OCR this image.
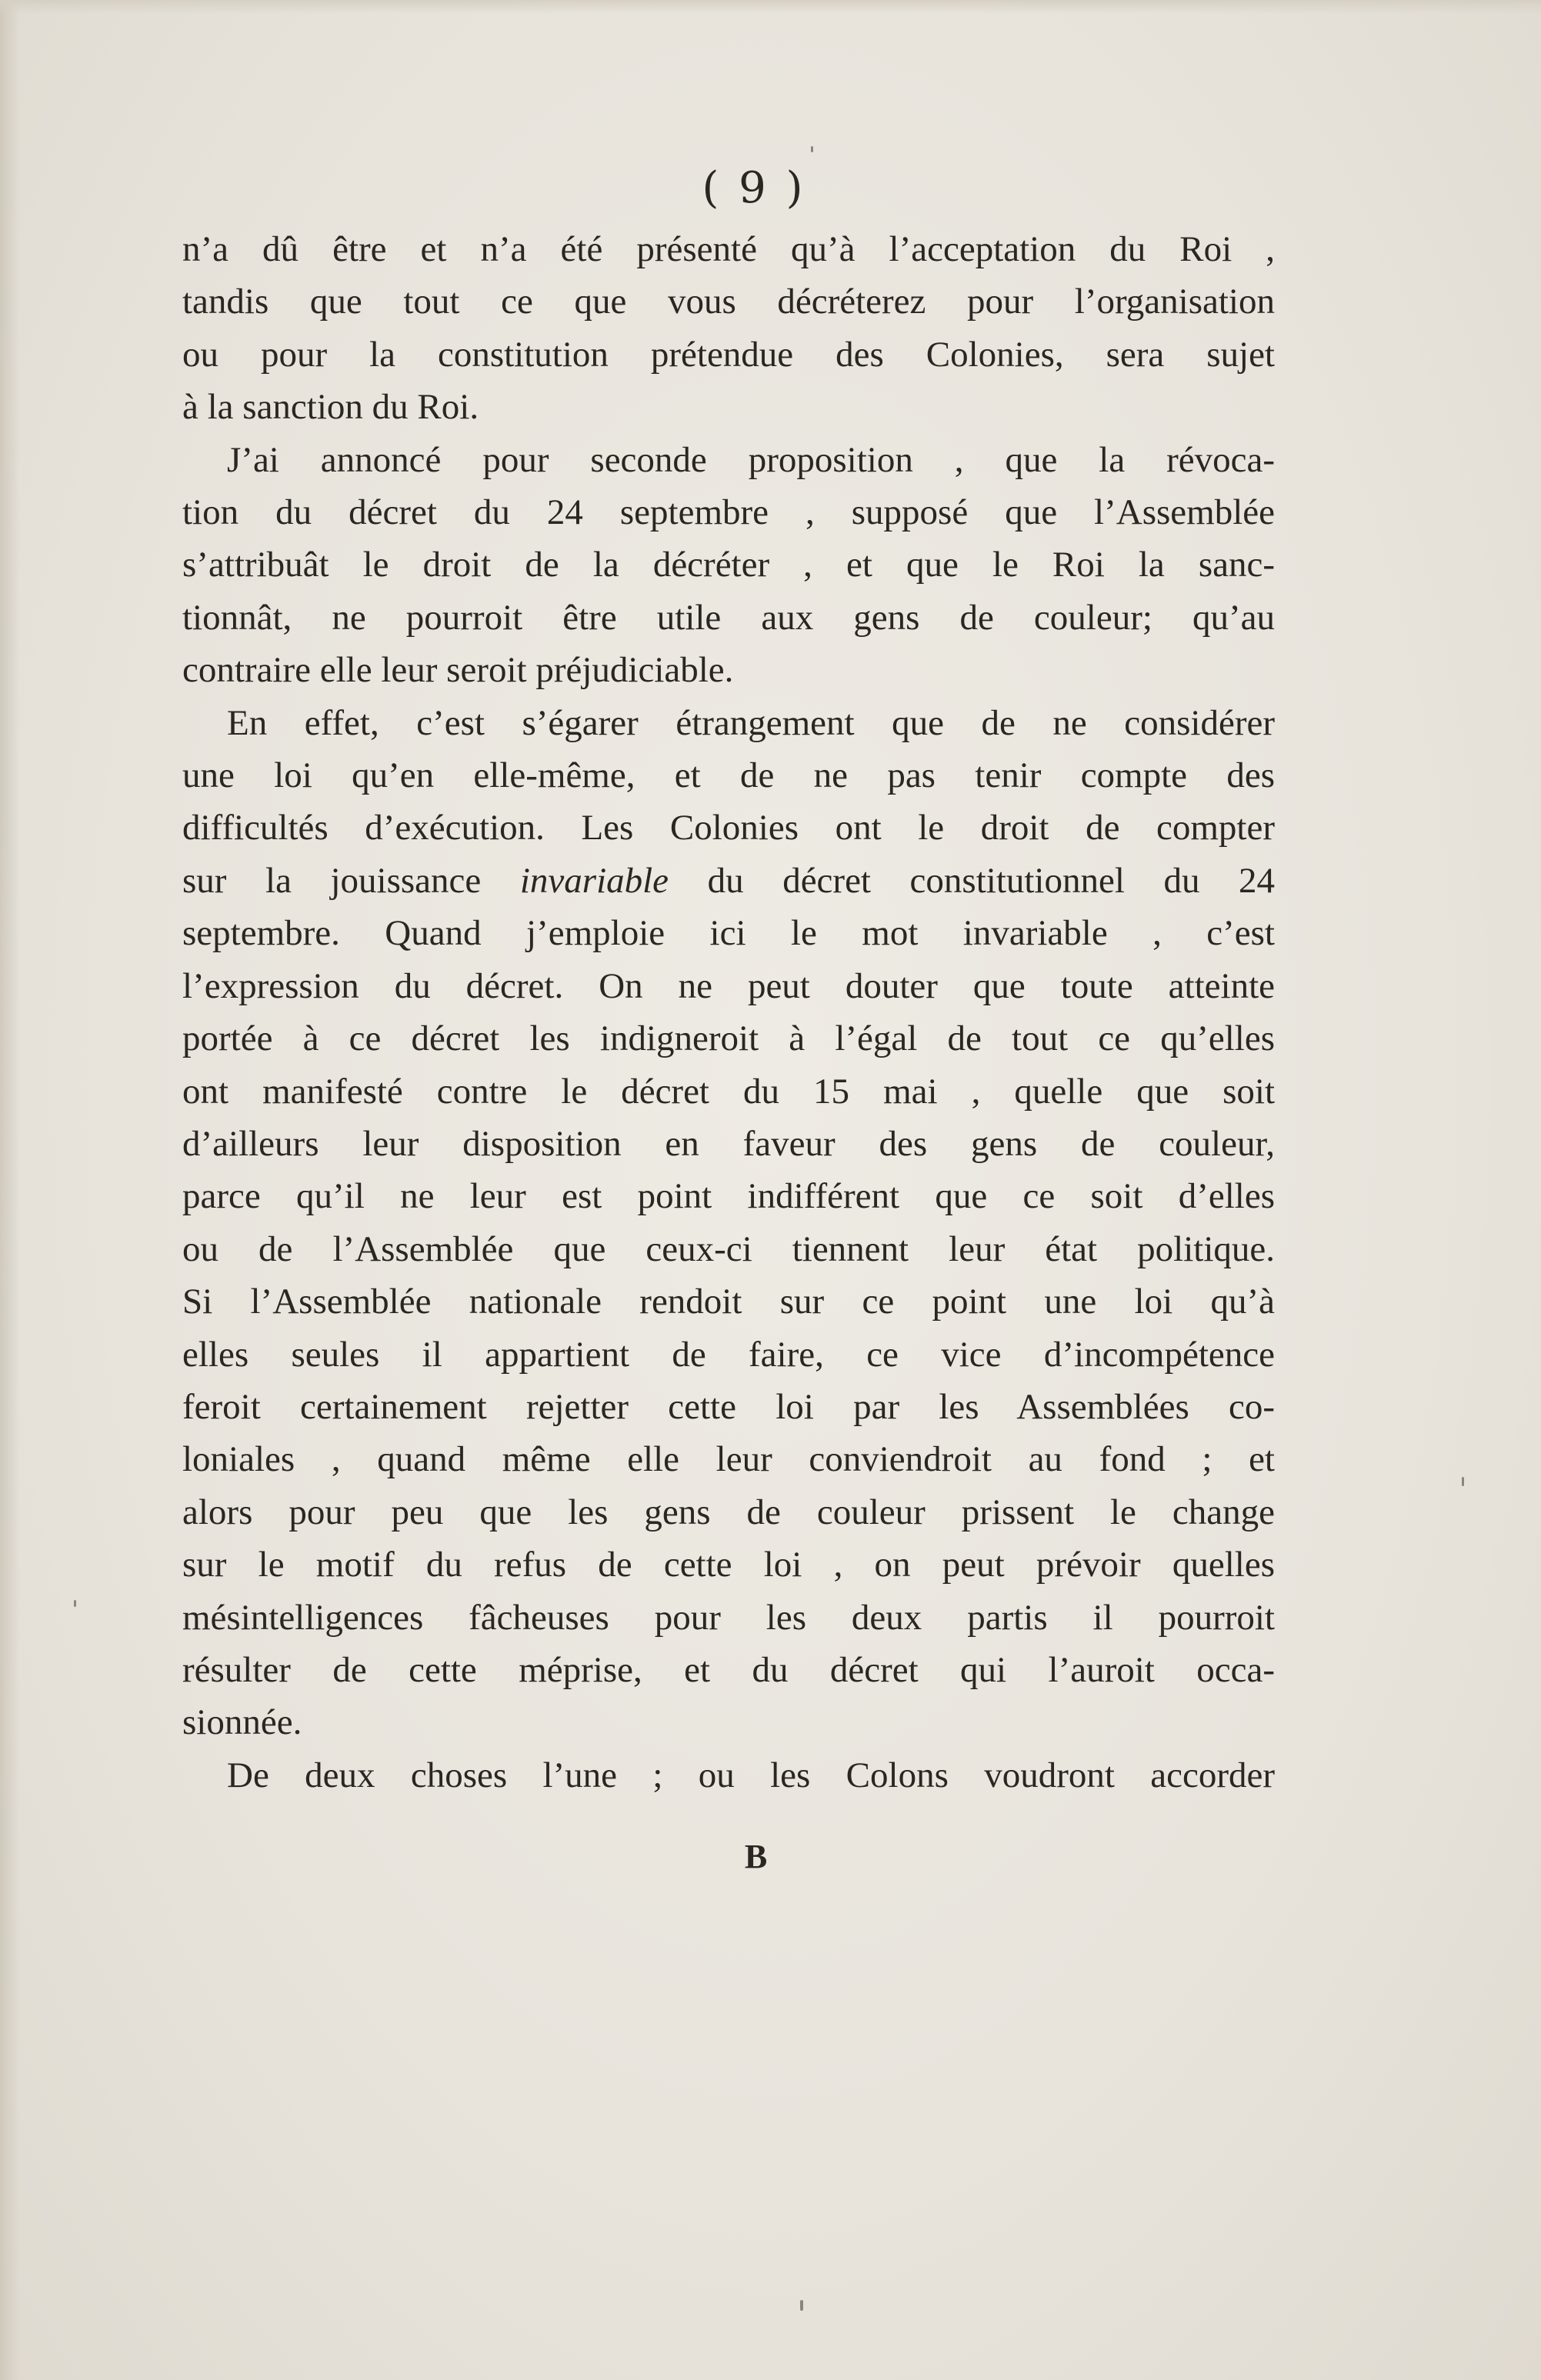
( 9 )
n’a dû être et n’a été présenté qu’à l’acceptation du Roi ,
tandis que tout ce que vous décréterez pour l’organisation
ou pour la constitution prétendue des Colonies, sera sujet
à la sanction du Roi.
J’ai annoncé pour seconde proposition , que la révoca-
tion du décret du 24 septembre , supposé que l’Assemblée
s’attribuât le droit de la décréter , et que le Roi la sanc-
tionnât, ne pourroit être utile aux gens de couleur; qu’au
contraire elle leur seroit préjudiciable.
En effet, c’est s’égarer étrangement que de ne considérer
une loi qu’en elle-même, et de ne pas tenir compte des
difficultés d’exécution. Les Colonies ont le droit de compter
sur la jouissance invariable du décret constitutionnel du 24
septembre. Quand j’emploie ici le mot invariable , c’est
l’expression du décret. On ne peut douter que toute atteinte
portée à ce décret les indigneroit à l’égal de tout ce qu’elles
ont manifesté contre le décret du 15 mai , quelle que soit
d’ailleurs leur disposition en faveur des gens de couleur,
parce qu’il ne leur est point indifférent que ce soit d’elles
ou de l’Assemblée que ceux-ci tiennent leur état politique.
Si l’Assemblée nationale rendoit sur ce point une loi qu’à
elles seules il appartient de faire, ce vice d’incompétence
feroit certainement rejetter cette loi par les Assemblées co-
loniales , quand même elle leur conviendroit au fond ; et
alors pour peu que les gens de couleur prissent le change
sur le motif du refus de cette loi , on peut prévoir quelles
mésintelligences fâcheuses pour les deux partis il pourroit
résulter de cette méprise, et du décret qui l’auroit occa-
sionnée.
De deux choses l’une ; ou les Colons voudront accorder
B
